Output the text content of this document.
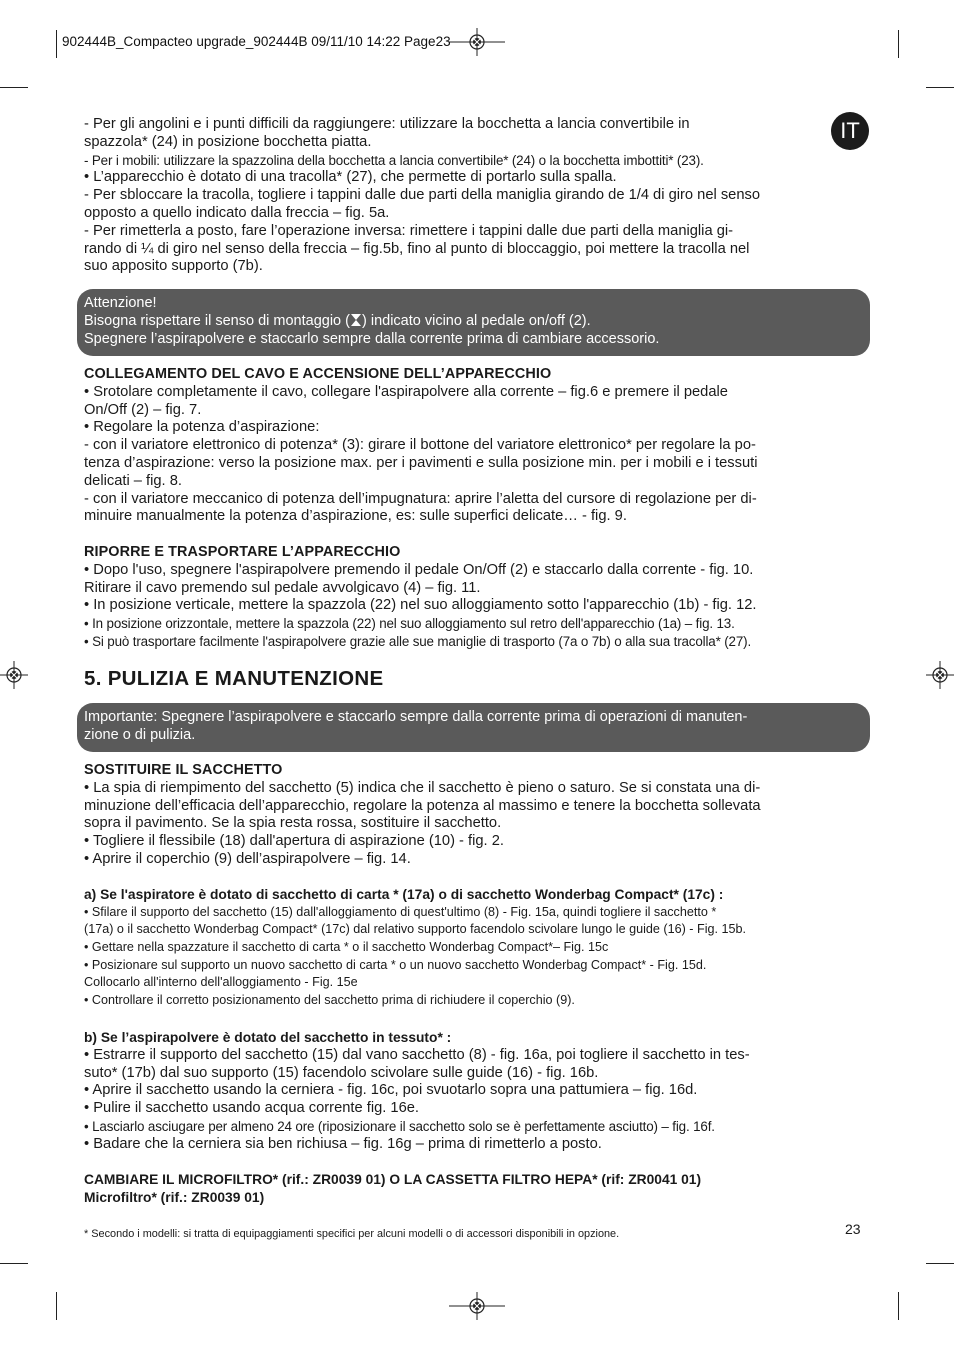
902444B_Compacteo upgrade_902444B 09/11/10 14:22 Page23
IT

- Per gli angolini e i punti difficili da raggiungere: utilizzare la bocchetta a lancia convertibile in

spazzola* (24) in posizione bocchetta piatta.

- Per i mobili: utilizzare la spazzolina della bocchetta a lancia convertibile* (24) o la bocchetta imbottiti* (23).

• L’apparecchio è dotato di una tracolla* (27), che permette di portarlo sulla spalla.

- Per sbloccare la tracolla, togliere i tappini dalle due parti della maniglia girando de 1/4 di giro nel senso

opposto a quello indicato dalla freccia – fig. 5a.

- Per rimetterla a posto, fare l’operazione inversa: rimettere i tappini dalle due parti della maniglia gi-

rando di ¼ di giro nel senso della freccia – fig.5b, fino al punto di bloccaggio, poi mettere la tracolla nel

suo apposito supporto (7b).

Attenzione!
Bisogna rispettare il senso di montaggio ( ) indicato vicino al pedale on/off (2).
Spegnere l’aspirapolvere e staccarlo sempre dalla corrente prima di cambiare accessorio.

COLLEGAMENTO DEL CAVO E ACCENSIONE DELL’APPARECCHIO

• Srotolare completamente il cavo, collegare l'aspirapolvere alla corrente – fig.6 e premere il pedale

On/Off (2) – fig. 7.

• Regolare la potenza d’aspirazione:

- con il variatore elettronico di potenza* (3): girare il bottone del variatore elettronico* per regolare la po-

tenza d’aspirazione: verso la posizione max. per i pavimenti e sulla posizione min. per i mobili e i tessuti

delicati – fig. 8.

- con il variatore meccanico di potenza dell’impugnatura: aprire l’aletta del cursore di regolazione per di-

minuire manualmente la potenza d’aspirazione, es: sulle superfici delicate… - fig. 9.

RIPORRE E TRASPORTARE L’APPARECCHIO

• Dopo l'uso, spegnere l'aspirapolvere premendo il pedale On/Off (2) e staccarlo dalla corrente - fig. 10.

Ritirare il cavo premendo sul pedale avvolgicavo (4) – fig. 11.

• In posizione verticale, mettere la spazzola (22) nel suo alloggiamento sotto l'apparecchio (1b) - fig. 12.

• In posizione orizzontale, mettere la spazzola (22) nel suo alloggiamento sul retro dell'apparecchio (1a) – fig. 13.

• Si può trasportare facilmente l'aspirapolvere grazie alle sue maniglie di trasporto (7a o 7b) o alla sua tracolla* (27).

5. PULIZIA E MANUTENZIONE
Importante: Spegnere l’aspirapolvere e staccarlo sempre dalla corrente prima di operazioni di manuten-
zione o di pulizia.

SOSTITUIRE IL SACCHETTO

• La spia di riempimento del sacchetto (5) indica che il sacchetto è pieno o saturo. Se si constata una di-

minuzione dell’efficacia dell’apparecchio, regolare la potenza al massimo e tenere la bocchetta sollevata

sopra il pavimento. Se la spia resta rossa, sostituire il sacchetto.

• Togliere il flessibile (18) dall'apertura di aspirazione (10) - fig. 2.

• Aprire il coperchio (9) dell’aspirapolvere – fig. 14.

a) Se l'aspiratore è dotato di sacchetto di carta * (17a) o di sacchetto Wonderbag Compact* (17c) :

• Sfilare il supporto del sacchetto (15) dall'alloggiamento di quest'ultimo (8) - Fig. 15a, quindi togliere il sacchetto *

(17a) o il sacchetto Wonderbag Compact* (17c) dal relativo supporto facendolo scivolare lungo le guide (16) - Fig. 15b.

• Gettare nella spazzature il sacchetto di carta * o il sacchetto Wonderbag Compact*– Fig. 15c

• Posizionare sul supporto un nuovo sacchetto di carta * o un nuovo sacchetto Wonderbag Compact* - Fig. 15d.

Collocarlo all'interno dell'alloggiamento - Fig. 15e

• Controllare il corretto posizionamento del sacchetto prima di richiudere il coperchio (9).

b) Se l’aspirapolvere è dotato del sacchetto in tessuto* :

• Estrarre il supporto del sacchetto (15) dal vano sacchetto (8) - fig. 16a, poi togliere il sacchetto in tes-

suto* (17b) dal suo supporto (15) facendolo scivolare sulle guide (16) - fig. 16b.

• Aprire il sacchetto usando la cerniera - fig. 16c, poi svuotarlo sopra una pattumiera – fig. 16d.

• Pulire il sacchetto usando acqua corrente fig. 16e.

• Lasciarlo asciugare per almeno 24 ore (riposizionare il sacchetto solo se è perfettamente asciutto) – fig. 16f.

• Badare che la cerniera sia ben richiusa – fig. 16g – prima di rimetterlo a posto.

CAMBIARE IL MICROFILTRO* (rif.: ZR0039 01) O LA CASSETTA FILTRO HEPA* (rif: ZR0041 01)

Microfiltro* (rif.: ZR0039 01)

* Secondo i modelli: si tratta di equipaggiamenti specifici per alcuni modelli o di accessori disponibili in opzione.	23
